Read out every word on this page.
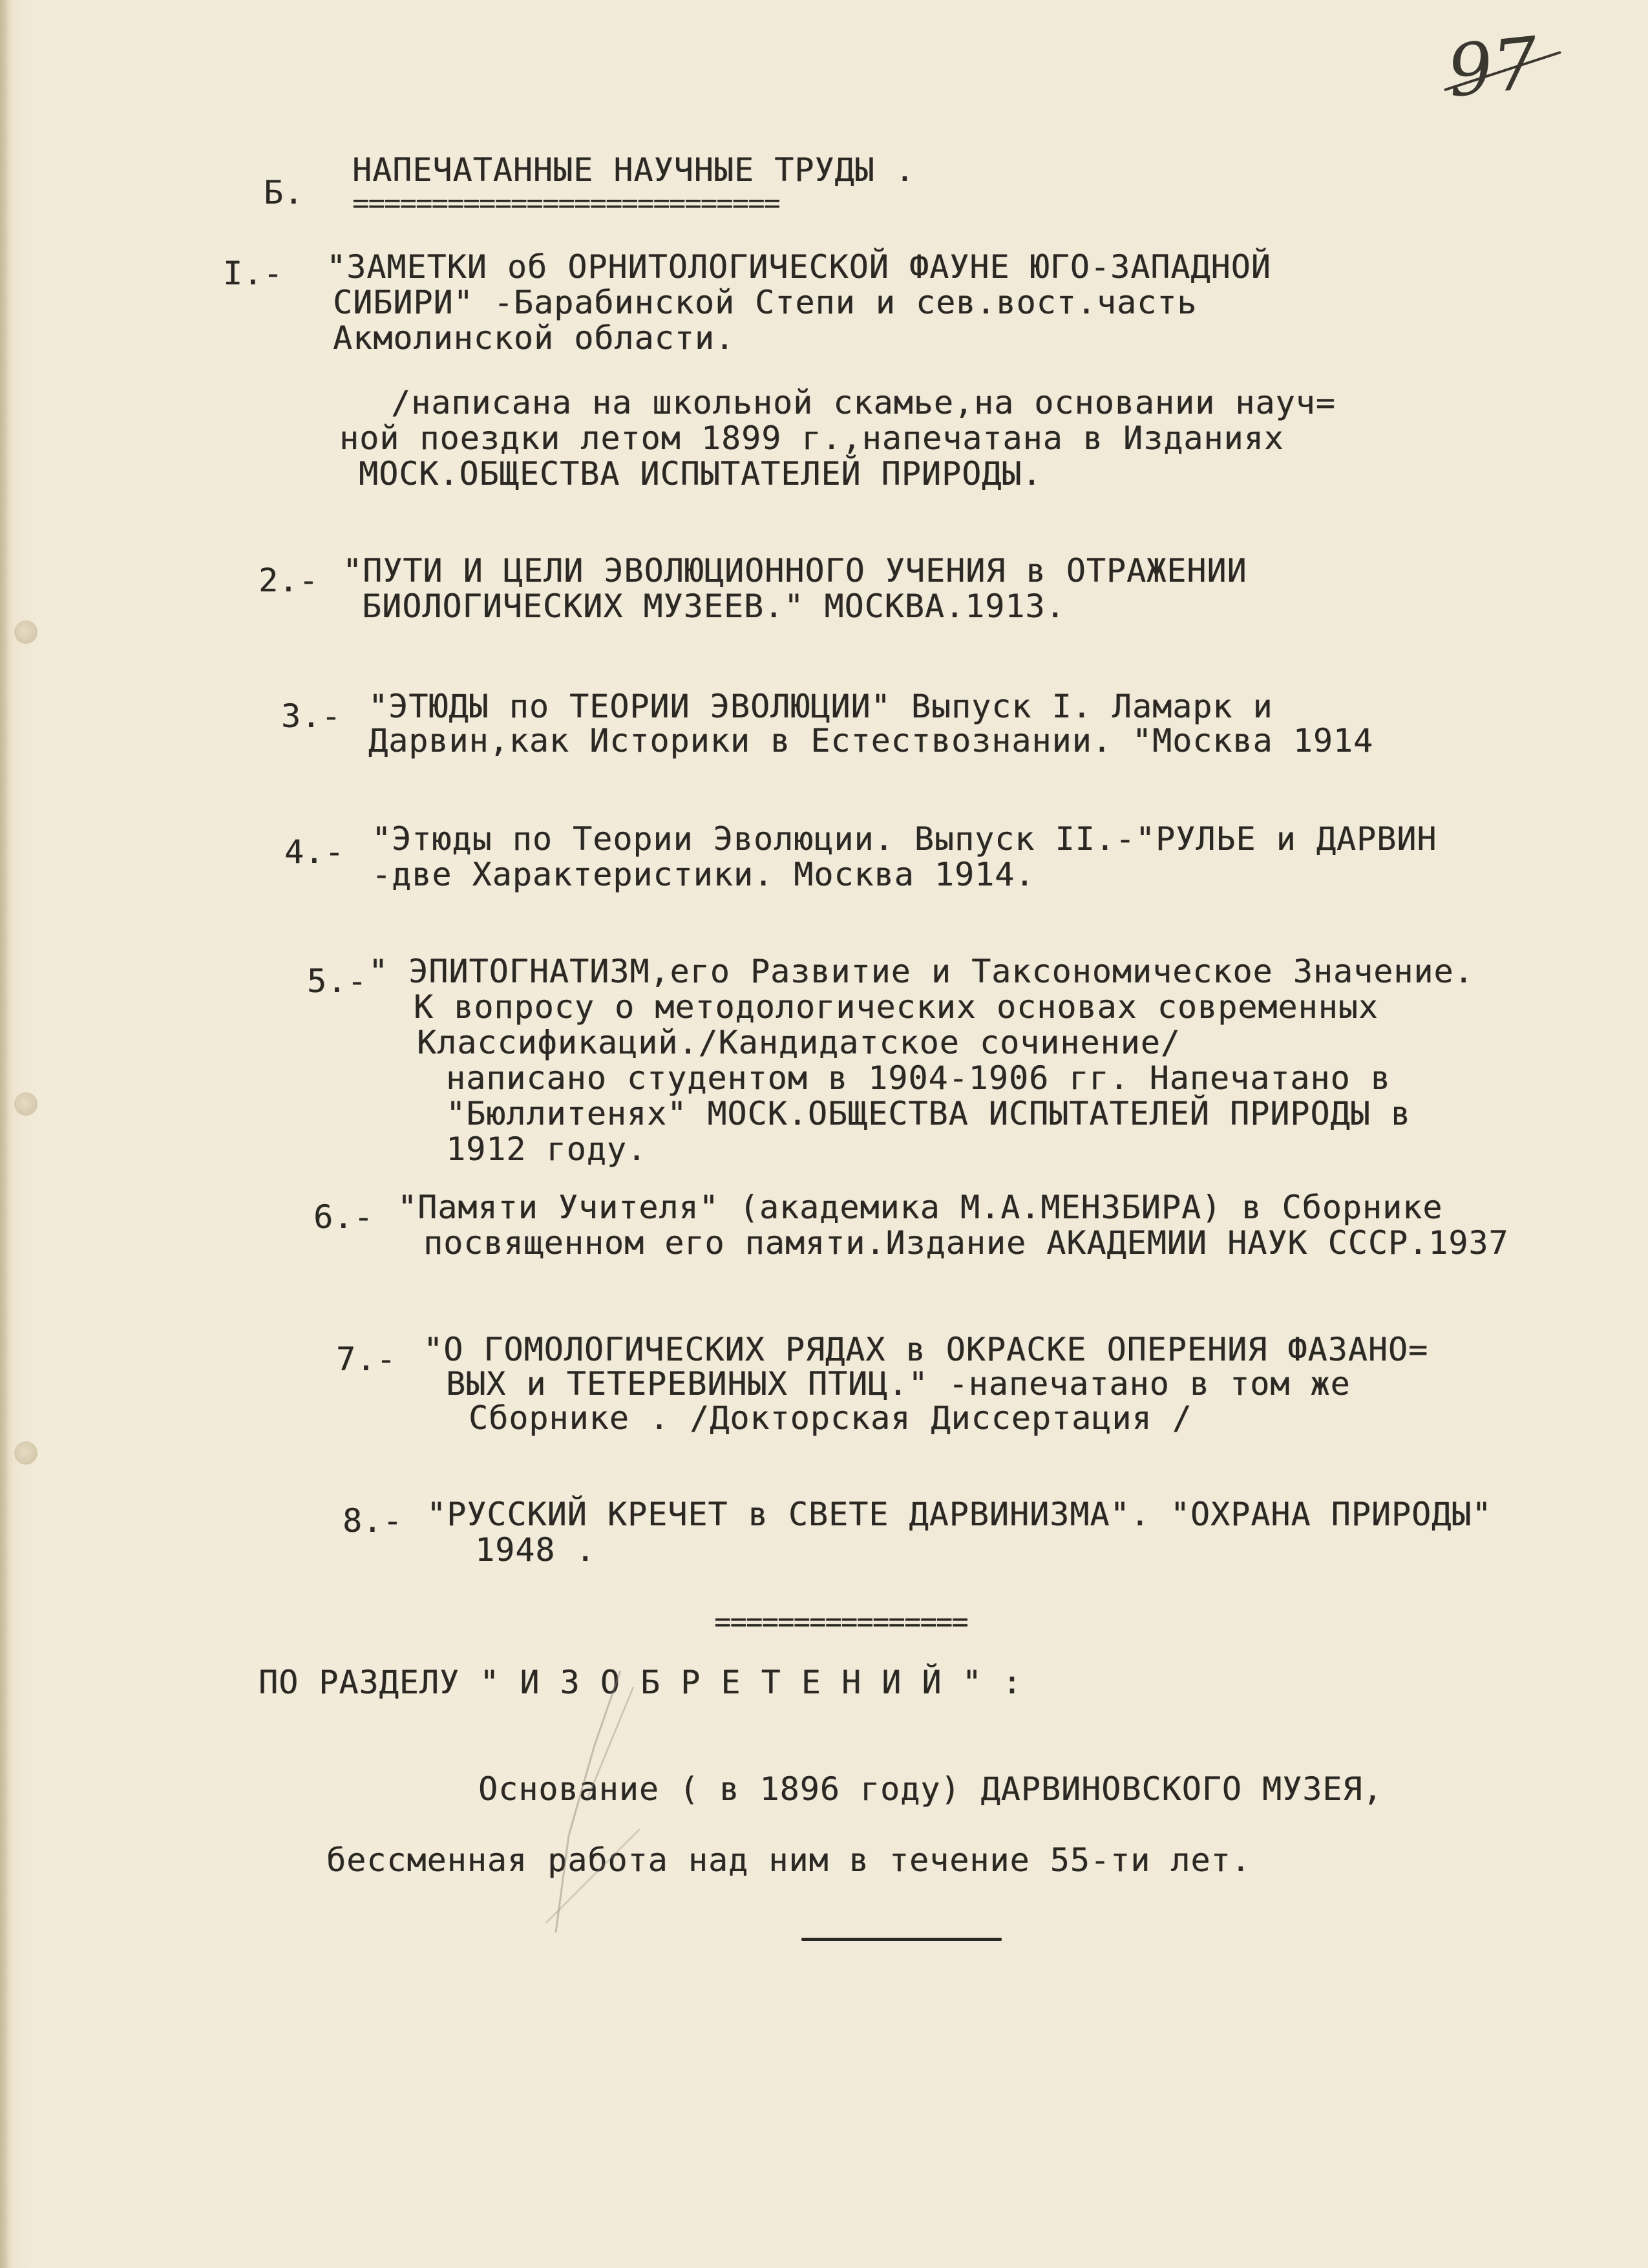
97
Б.
НАПЕЧАТАННЫЕ НАУЧНЫЕ ТРУДЫ .
===========================
I.- "ЗАМЕТКИ об ОРНИТОЛОГИЧЕСКОЙ ФАУНЕ ЮГО-ЗАПАДНОЙ
СИБИРИ" -Барабинской Степи и сев.вост.часть
Акмолинской области.
/написана на школьной скамье,на основании науч=
ной поездки летом 1899 г.,напечатана в Изданиях
МОСК.ОБЩЕСТВА ИСПЫТАТЕЛЕЙ ПРИРОДЫ.
2.- "ПУТИ И ЦЕЛИ ЭВОЛЮЦИОННОГО УЧЕНИЯ в ОТРАЖЕНИИ
БИОЛОГИЧЕСКИХ МУЗЕЕВ." МОСКВА.1913.
3.- "ЭТЮДЫ по ТЕОРИИ ЭВОЛЮЦИИ" Выпуск I. Ламарк и
Дарвин,как Историки в Естествознании. "Москва 1914
4.- "Этюды по Теории Эволюции. Выпуск II.-"РУЛЬЕ и ДАРВИН
-две Характеристики. Москва 1914.
5.- " ЭПИТОГНАТИЗМ,его Развитие и Таксономическое Значение.
К вопросу о методологических основах современных
Классификаций./Кандидатское сочинение/
написано студентом в 1904-1906 гг. Напечатано в
"Бюллитенях" МОСК.ОБЩЕСТВА ИСПЫТАТЕЛЕЙ ПРИРОДЫ в
1912 году.
6.- "Памяти Учителя" (академика М.А.МЕНЗБИРА) в Сборнике
посвященном его памяти.Издание АКАДЕМИИ НАУК СССР.1937
7.- "О ГОМОЛОГИЧЕСКИХ РЯДАХ в ОКРАСКЕ ОПЕРЕНИЯ ФАЗАНО=
ВЫХ и ТЕТЕРЕВИНЫХ ПТИЦ." -напечатано в том же
Сборнике . /Докторская Диссертация /
8.- "РУССКИЙ КРЕЧЕТ в СВЕТЕ ДАРВИНИЗМА". "ОХРАНА ПРИРОДЫ"
1948 .
================
ПО РАЗДЕЛУ " И З О Б Р Е Т Е Н И Й " :
Основание ( в 1896 году) ДАРВИНОВСКОГО МУЗЕЯ,
бессменная работа над ним в течение 55-ти лет.
